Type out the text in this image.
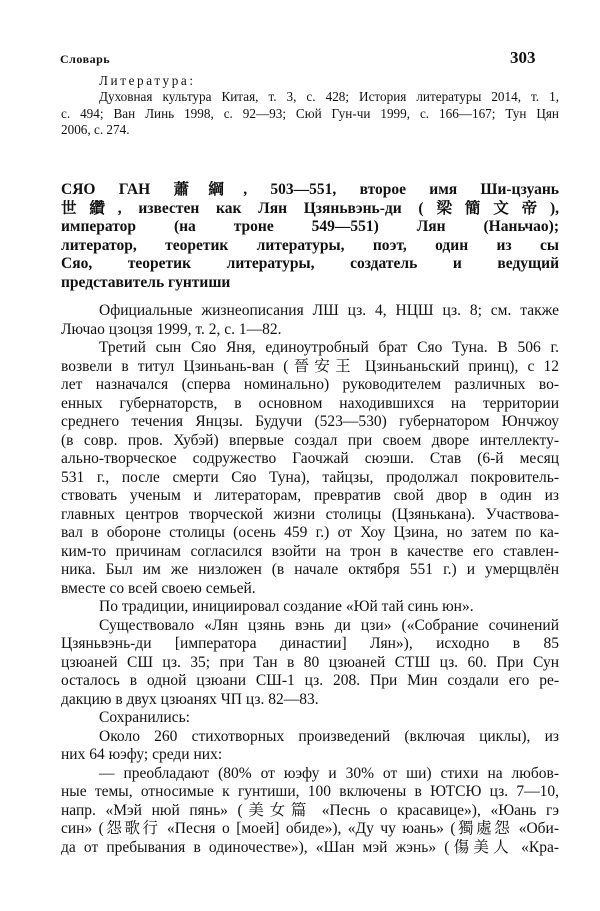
Словарь	303
Литература:
Духовная культура Китая, т. 3, с. 428; История литературы 2014, т. 1,
с. 494; Ван Линь 1998, с. 92—93; Сюй Гун-чи 1999, с. 166—167; Тун Цян
2006, с. 274.
СЯО ГАН 蕭綱, 503—551, второе имя Ши-цзуань
世纘, известен как Лян Цзяньвэнь-ди (梁簡文帝),
император (на троне 549—551) Лян (Наньчао);
литератор, теоретик литературы, поэт, один из сы
Сяо, теоретик литературы, создатель и ведущий
представитель гунтиши
Официальные жизнеописания ЛШ цз. 4, НЦШ цз. 8; см. также
Лючао цзоцзя 1999, т. 2, с. 1—82.
Третий сын Сяо Яня, единоутробный брат Сяо Туна. В 506 г.
возвели в титул Цзиньань-ван (晉安王 Цзиньаньский принц), с 12
лет назначался (сперва номинально) руководителем различных во-
енных губернаторств, в основном находившихся на территории
среднего течения Янцзы. Будучи (523—530) губернатором Юнчжоу
(в совр. пров. Хубэй) впервые создал при своем дворе интеллекту-
ально-творческое содружество Гаочжай сюэши. Став (6-й месяц
531 г., после смерти Сяо Туна), тайцзы, продолжал покровитель-
ствовать ученым и литераторам, превратив свой двор в один из
главных центров творческой жизни столицы (Цзянькана). Участвова-
вал в обороне столицы (осень 459 г.) от Хоу Цзина, но затем по ка-
ким-то причинам согласился взойти на трон в качестве его ставлен-
ника. Был им же низложен (в начале октября 551 г.) и умерщвлён
вместе со всей своею семьей.
По традиции, инициировал создание «Юй тай синь юн».
Существовало «Лян цзянь вэнь ди цзи» («Собрание сочинений
Цзяньвэнь-ди [императора династии] Лян»), исходно в 85
цзюаней СШ цз. 35; при Тан в 80 цзюаней СТШ цз. 60. При Сун
осталось в одной цзюани СШ-1 цз. 208. При Мин создали его ре-
дакцию в двух цзюанях ЧП цз. 82—83.
Сохранились:
Около 260 стихотворных произведений (включая циклы), из
них 64 юэфу; среди них:
— преобладают (80% от юэфу и 30% от ши) стихи на любов-
ные темы, относимые к гунтиши, 100 включены в ЮТСЮ цз. 7—10,
напр. «Мэй нюй пянь» (美女篇 «Песнь о красавице»), «Юань гэ
син» (怨歌行 «Песня о [моей] обиде»), «Ду чу юань» (獨處怨 «Оби-
да от пребывания в одиночестве»), «Шан мэй жэнь» (傷美人 «Кра-
